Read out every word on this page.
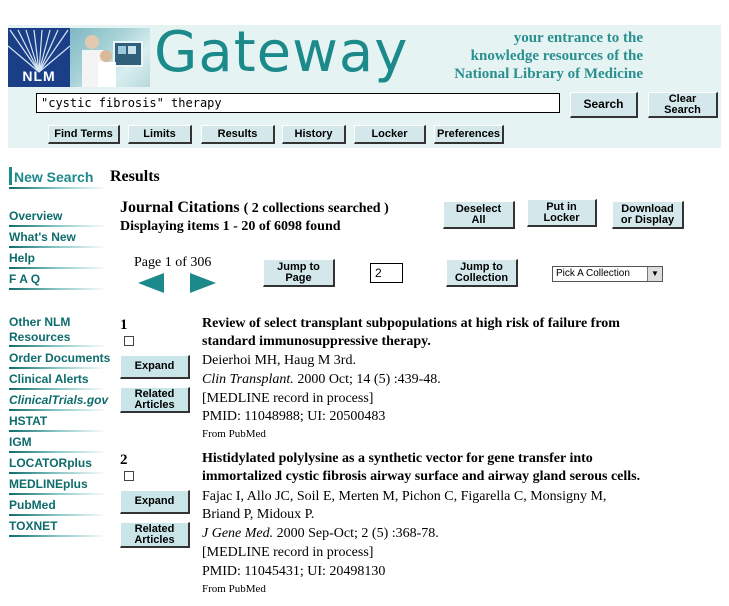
NLM Gateway	your entrance to the
knowledge resources of the
National Library of Medicine
"cystic fibrosis" therapy	Search	Clear
Search
Find Terms	Limits	Results	History	Locker	Preferences
New Search
Overview
What's New
Help
F A Q
Other NLM
Resources
Order Documents
Clinical Alerts
ClinicalTrials.gov
HSTAT
IGM
LOCATORplus
MEDLINEplus
PubMed
TOXNET
Results
Journal Citations ( 2 collections searched )
Displaying items 1 - 20 of 6098 found
Deselect
All
Put in
Locker
Download
or Display
Page 1 of 306	Jump to
Page	2	Jump to
Collection	Pick A Collection	▼
1
Expand
Related
Articles
Review of select transplant subpopulations at high risk of failure from
standard immunosuppressive therapy.
Deierhoi MH, Haug M 3rd.
Clin Transplant. 2000 Oct; 14 (5) :439-48.
[MEDLINE record in process]
PMID: 11048988; UI: 20500483
From PubMed
2
Expand
Related
Articles
Histidylated polylysine as a synthetic vector for gene transfer into
immortalized cystic fibrosis airway surface and airway gland serous cells.
Fajac I, Allo JC, Soil E, Merten M, Pichon C, Figarella C, Monsigny M,
Briand P, Midoux P.
J Gene Med. 2000 Sep-Oct; 2 (5) :368-78.
[MEDLINE record in process]
PMID: 11045431; UI: 20498130
From PubMed
